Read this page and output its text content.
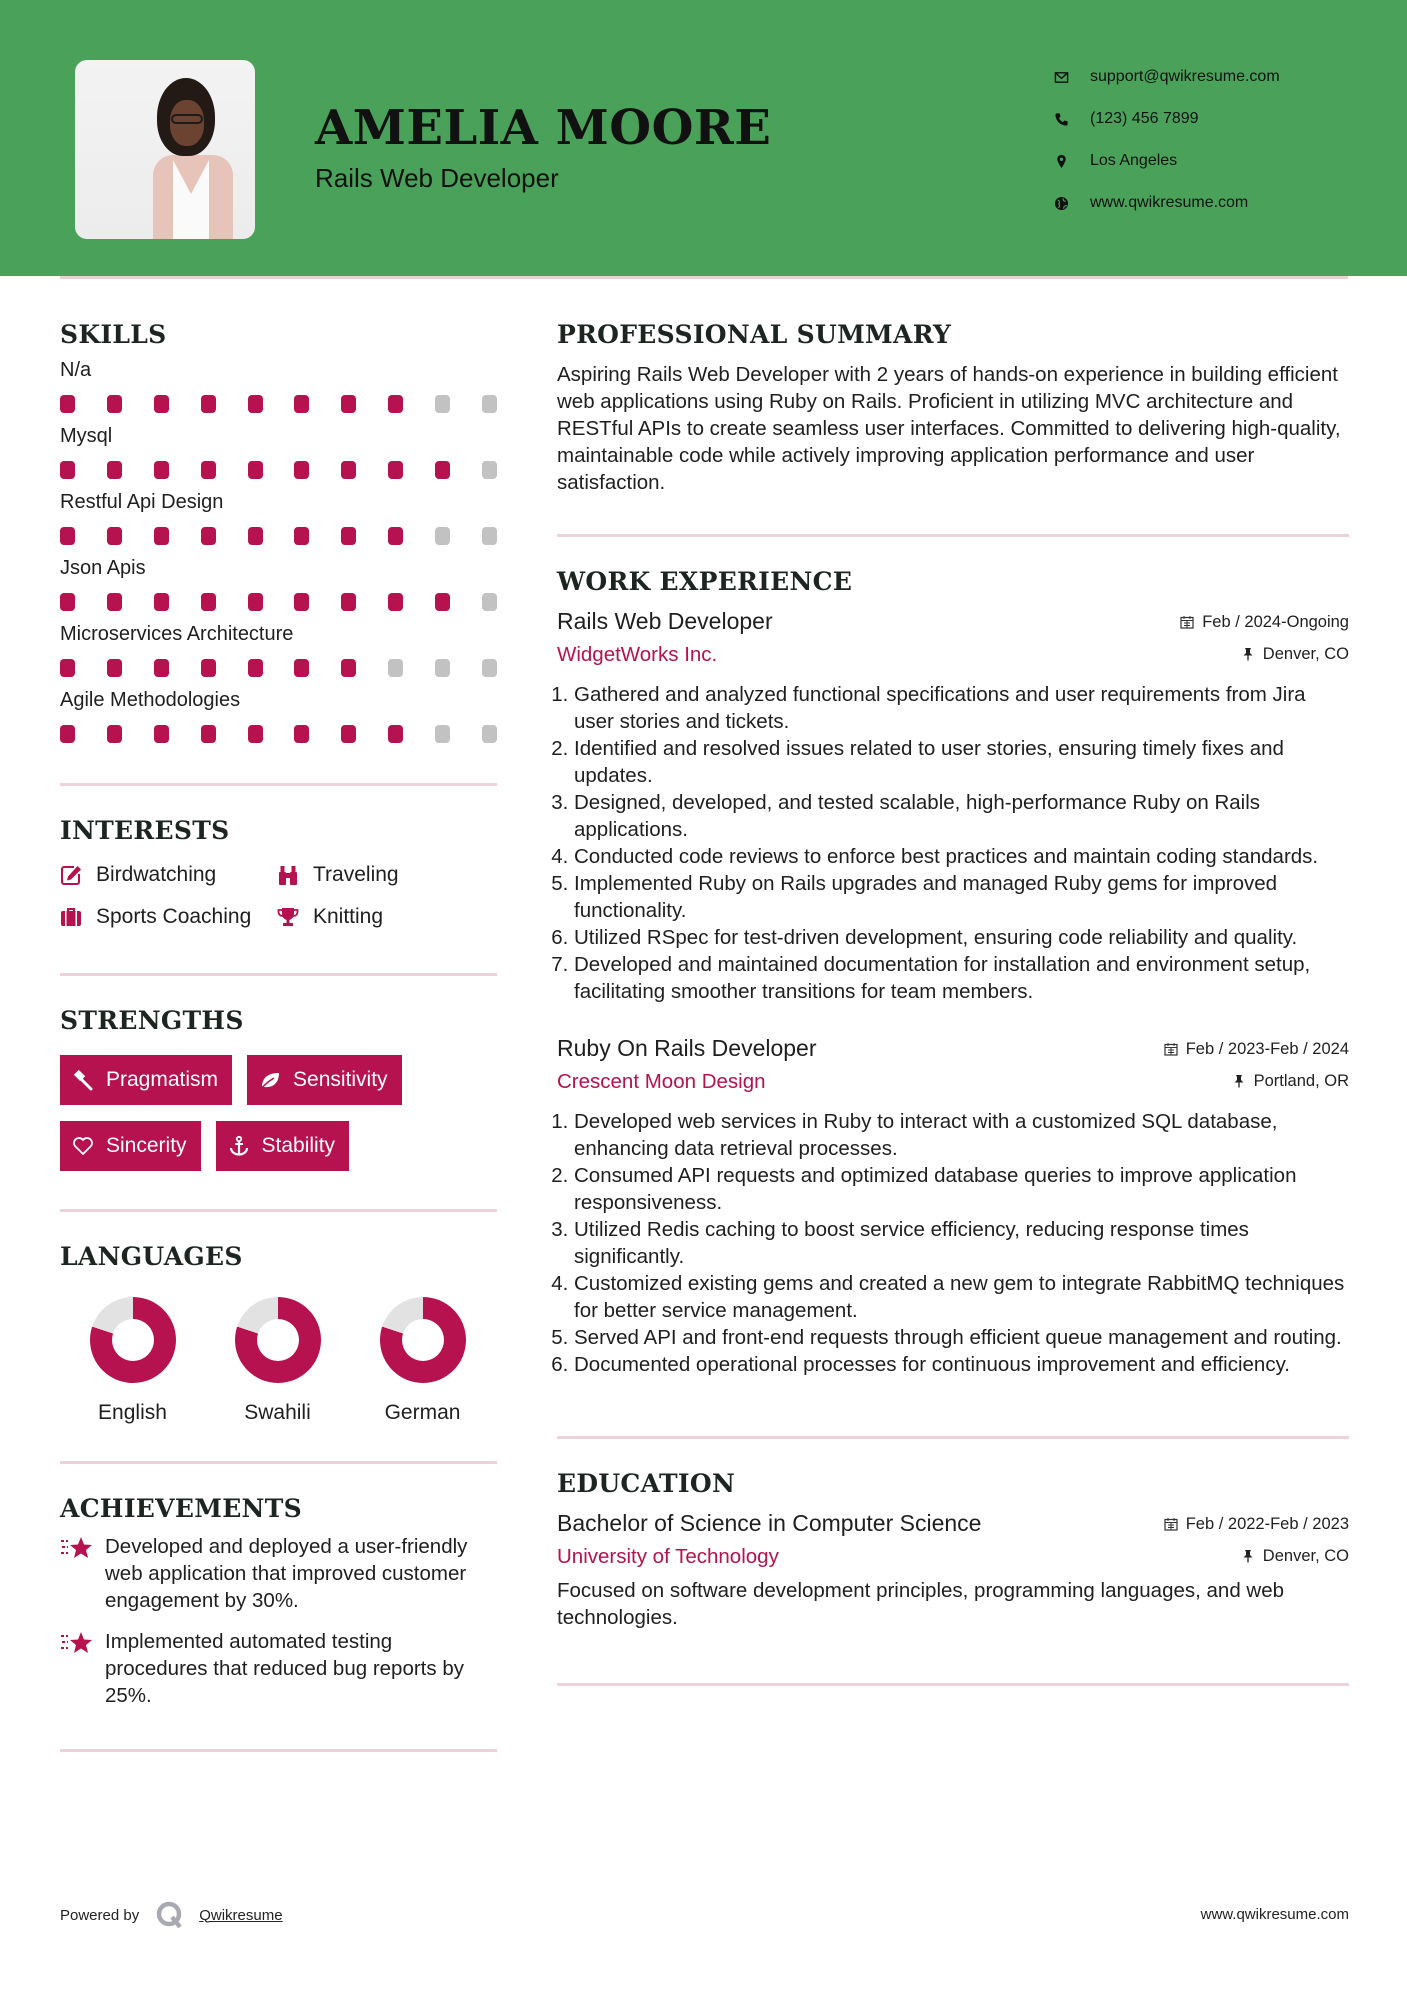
AMELIA MOORE
Rails Web Developer
support@qwikresume.com
(123) 456 7899
Los Angeles
www.qwikresume.com
SKILLS
N/a
Mysql
Restful Api Design
Json Apis
Microservices Architecture
Agile Methodologies
INTERESTS
Birdwatching	Traveling
Sports Coaching	Knitting
STRENGTHS
Pragmatism	Sensitivity
Sincerity	Stability
LANGUAGES
English	Swahili	German
ACHIEVEMENTS
Developed and deployed a user-friendly web application that improved customer engagement by 30%.
Implemented automated testing procedures that reduced bug reports by 25%.
PROFESSIONAL SUMMARY

Aspiring Rails Web Developer with 2 years of hands-on experience in building efficient web applications using Ruby on Rails. Proficient in utilizing MVC architecture and RESTful APIs to create seamless user interfaces. Committed to delivering high-quality, maintainable code while actively improving application performance and user satisfaction.

WORK EXPERIENCE
Rails Web Developer	Feb / 2024-Ongoing
WidgetWorks Inc.	Denver, CO
1. Gathered and analyzed functional specifications and user requirements from Jira user stories and tickets.
2. Identified and resolved issues related to user stories, ensuring timely fixes and updates.
3. Designed, developed, and tested scalable, high-performance Ruby on Rails applications.
4. Conducted code reviews to enforce best practices and maintain coding standards.
5. Implemented Ruby on Rails upgrades and managed Ruby gems for improved functionality.
6. Utilized RSpec for test-driven development, ensuring code reliability and quality.
7. Developed and maintained documentation for installation and environment setup, facilitating smoother transitions for team members.
Ruby On Rails Developer	Feb / 2023-Feb / 2024
Crescent Moon Design	Portland, OR
1. Developed web services in Ruby to interact with a customized SQL database, enhancing data retrieval processes.
2. Consumed API requests and optimized database queries to improve application responsiveness.
3. Utilized Redis caching to boost service efficiency, reducing response times significantly.
4. Customized existing gems and created a new gem to integrate RabbitMQ techniques for better service management.
5. Served API and front-end requests through efficient queue management and routing.
6. Documented operational processes for continuous improvement and efficiency.
EDUCATION
Bachelor of Science in Computer Science	Feb / 2022-Feb / 2023
University of Technology	Denver, CO

Focused on software development principles, programming languages, and web technologies.

Powered by	Qwikresume	www.qwikresume.com
